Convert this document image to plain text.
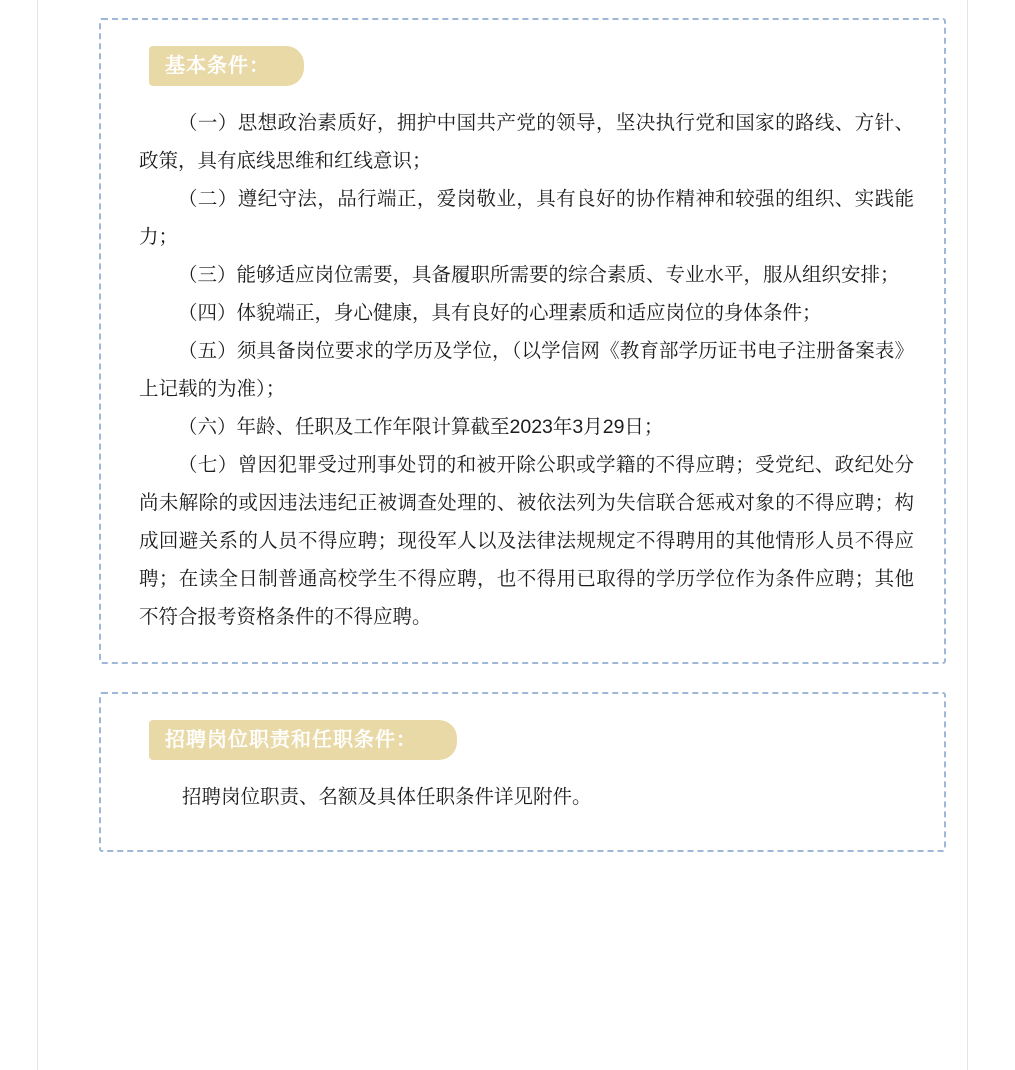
基本条件：

（一）思想政治素质好，拥护中国共产党的领导，坚决执行党和国家的路线、方针、政策，具有底线思维和红线意识；

（二）遵纪守法，品行端正，爱岗敬业，具有良好的协作精神和较强的组织、实践能力；

（三）能够适应岗位需要，具备履职所需要的综合素质、专业水平，服从组织安排；

（四）体貌端正，身心健康，具有良好的心理素质和适应岗位的身体条件；

（五）须具备岗位要求的学历及学位，（以学信网《教育部学历证书电子注册备案表》上记载的为准）；

（六）年龄、任职及工作年限计算截至2023年3月29日；

（七）曾因犯罪受过刑事处罚的和被开除公职或学籍的不得应聘；受党纪、政纪处分尚未解除的或因违法违纪正被调查处理的、被依法列为失信联合惩戒对象的不得应聘；构成回避关系的人员不得应聘；现役军人以及法律法规规定不得聘用的其他情形人员不得应聘；在读全日制普通高校学生不得应聘，也不得用已取得的学历学位作为条件应聘；其他不符合报考资格条件的不得应聘。

招聘岗位职责和任职条件：

招聘岗位职责、名额及具体任职条件详见附件。
